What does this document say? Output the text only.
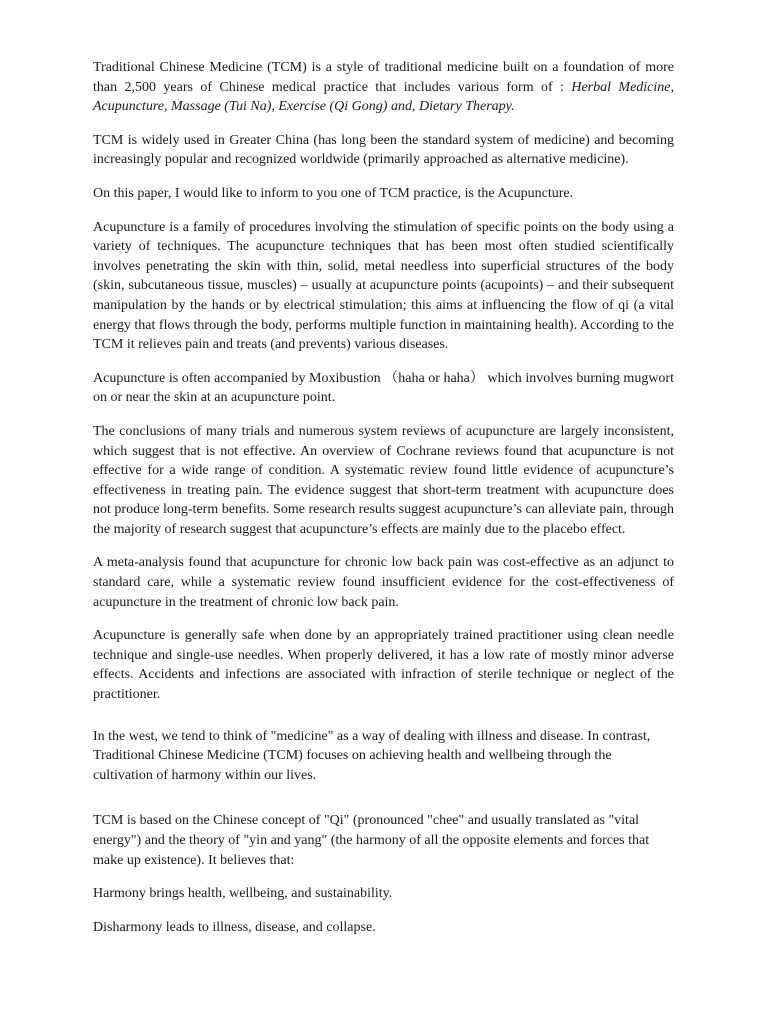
Traditional Chinese Medicine (TCM) is a style of traditional medicine built on a foundation of more than 2,500 years of Chinese medical practice that includes various form of : Herbal Medicine, Acupuncture, Massage (Tui Na), Exercise (Qi Gong) and, Dietary Therapy.

TCM is widely used in Greater China (has long been the standard system of medicine) and becoming increasingly popular and recognized worldwide (primarily approached as alternative medicine).

On this paper, I would like to inform to you one of TCM practice, is the Acupuncture.

Acupuncture is a family of procedures involving the stimulation of specific points on the body using a variety of techniques. The acupuncture techniques that has been most often studied scientifically involves penetrating the skin with thin, solid, metal needless into superficial structures of the body (skin, subcutaneous tissue, muscles) – usually at acupuncture points (acupoints) – and their subsequent manipulation by the hands or by electrical stimulation; this aims at influencing the flow of qi (a vital energy that flows through the body, performs multiple function in maintaining health). According to the TCM it relieves pain and treats (and prevents) various diseases.

Acupuncture is often accompanied by Moxibustion （haha or haha） which involves burning mugwort on or near the skin at an acupuncture point.

The conclusions of many trials and numerous system reviews of acupuncture are largely inconsistent, which suggest that is not effective. An overview of Cochrane reviews found that acupuncture is not effective for a wide range of condition. A systematic review found little evidence of acupuncture’s effectiveness in treating pain. The evidence suggest that short-term treatment with acupuncture does not produce long-term benefits. Some research results suggest acupuncture’s can alleviate pain, through the majority of research suggest that acupuncture’s effects are mainly due to the placebo effect.

A meta-analysis found that acupuncture for chronic low back pain was cost-effective as an adjunct to standard care, while a systematic review found insufficient evidence for the cost-effectiveness of acupuncture in the treatment of chronic low back pain.

Acupuncture is generally safe when done by an appropriately trained practitioner using clean needle technique and single-use needles. When properly delivered, it has a low rate of mostly minor adverse effects. Accidents and infections are associated with infraction of sterile technique or neglect of the practitioner.

In the west, we tend to think of "medicine" as a way of dealing with illness and disease. In contrast, Traditional Chinese Medicine (TCM) focuses on achieving health and wellbeing through the cultivation of harmony within our lives.

TCM is based on the Chinese concept of "Qi" (pronounced "chee" and usually translated as "vital energy") and the theory of "yin and yang" (the harmony of all the opposite elements and forces that make up existence). It believes that:

Harmony brings health, wellbeing, and sustainability.

Disharmony leads to illness, disease, and collapse.
